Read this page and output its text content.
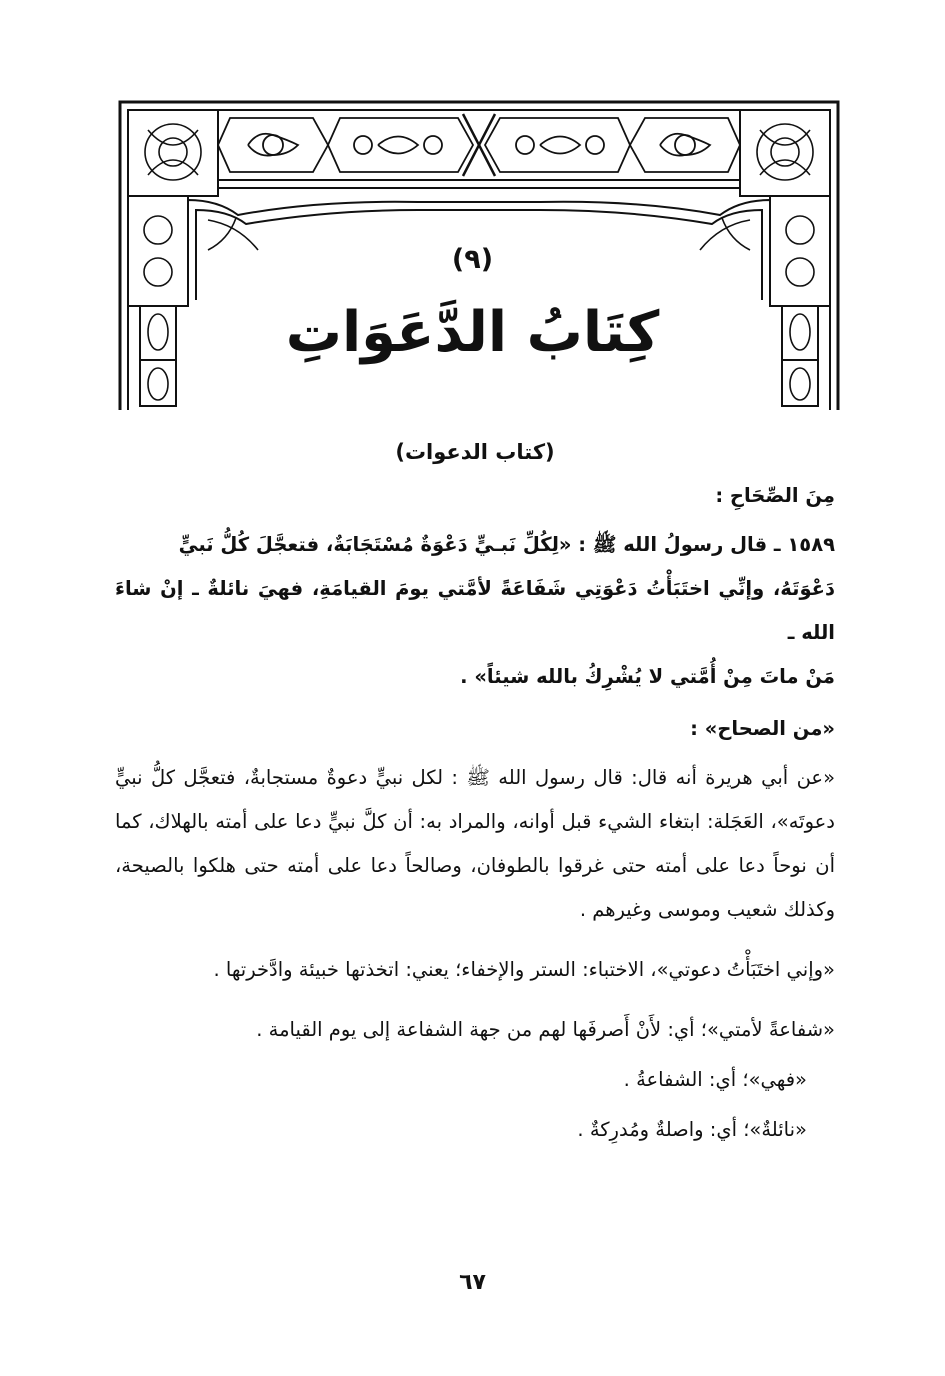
(٩)
كِتَابُ الدَّعَوَاتِ

(كتاب الدعوات)

مِنَ الصِّحَاحِ :

١٥٨٩ ـ قال رسولُ الله ﷺ : «لِكُلِّ نَبـيٍّ دَعْوَةٌ مُسْتَجَابَةٌ، فتعجَّلَ كُلُّ نَبيٍّ

دَعْوَتَهُ، وإنِّي اختَبَأْتُ دَعْوَتِي شَفَاعَةً لأمَّتي يومَ القيامَةِ، فهيَ نائلةٌ ـ إنْ شاءَ الله ـ

مَنْ ماتَ مِنْ أُمَّتي لا يُشْرِكُ بالله شيئاً» .

«من الصحاح» :

«عن أبي هريرة أنه قال: قال رسول الله ﷺ : لكل نبيٍّ دعوةٌ مستجابةٌ، فتعجَّل كلُّ نبيٍّ دعوتَه»، العَجَلة: ابتغاء الشيء قبل أوانه، والمراد به: أن كلَّ نبيٍّ دعا على أمته بالهلاك، كما أن نوحاً دعا على أمته حتى غرقوا بالطوفان، وصالحاً دعا على أمته حتى هلكوا بالصيحة، وكذلك شعيب وموسى وغيرهم .

«وإني اختَبَأْتُ دعوتي»، الاختباء: الستر والإخفاء؛ يعني: اتخذتها خبيئة وادَّخرتها .

«شفاعةً لأمتي»؛ أي: لأَنْ أَصرفَها لهم من جهة الشفاعة إلى يوم القيامة .

«فهي»؛ أي: الشفاعةُ .

«نائلةٌ»؛ أي: واصلةٌ ومُدرِكةٌ .

٦٧
